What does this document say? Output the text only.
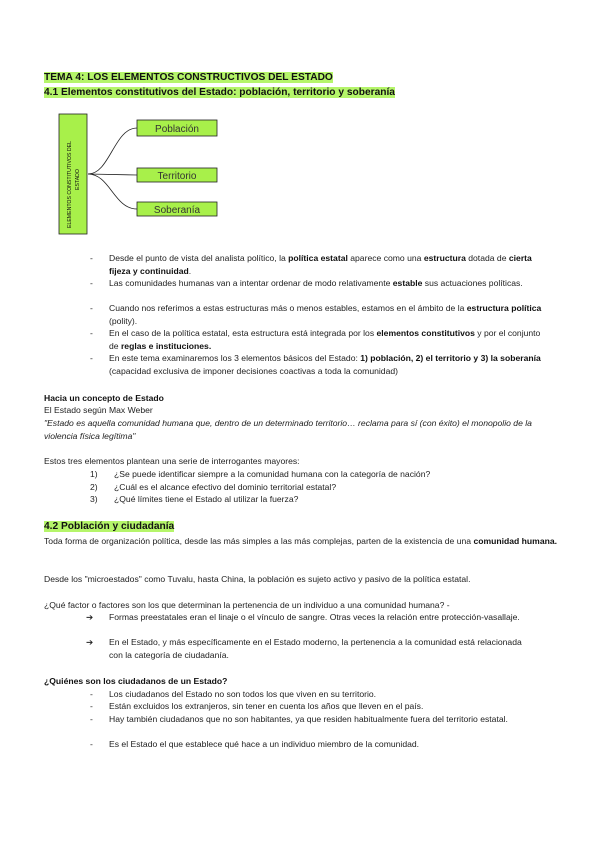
TEMA 4: LOS ELEMENTOS CONSTRUCTIVOS DEL ESTADO
4.1 Elementos constitutivos del Estado: población, territorio y soberanía
ELEMENTOS CONSTITUTIVOS DEL ESTADO
Población
Territorio
Soberanía
- Desde el punto de vista del analista político, la política estatal aparece como una estructura dotada de cierta fijeza y continuidad.
- Las comunidades humanas van a intentar ordenar de modo relativamente estable sus actuaciones políticas.
- Cuando nos referimos a estas estructuras más o menos estables, estamos en el ámbito de la estructura política (polity).
- En el caso de la política estatal, esta estructura está integrada por los elementos constitutivos y por el conjunto de reglas e instituciones.
- En este tema examinaremos los 3 elementos básicos del Estado: 1) población, 2) el territorio y 3) la soberanía (capacidad exclusiva de imponer decisiones coactivas a toda la comunidad)
Hacia un concepto de Estado
El Estado según Max Weber
"Estado es aquella comunidad humana que, dentro de un determinado territorio… reclama para sí (con éxito) el monopolio de la violencia física legítima"
Estos tres elementos plantean una serie de interrogantes mayores:
1) ¿Se puede identificar siempre a la comunidad humana con la categoría de nación?
2) ¿Cuál es el alcance efectivo del dominio territorial estatal?
3) ¿Qué límites tiene el Estado al utilizar la fuerza?
4.2 Población y ciudadanía
Toda forma de organización política, desde las más simples a las más complejas, parten de la existencia de una comunidad humana.
Desde los "microestados" como Tuvalu, hasta China, la población es sujeto activo y pasivo de la política estatal.
¿Qué factor o factores son los que determinan la pertenencia de un individuo a una comunidad humana? -
➔ Formas preestatales eran el linaje o el vínculo de sangre. Otras veces la relación entre protección-vasallaje.
➔ En el Estado, y más específicamente en el Estado moderno, la pertenencia a la comunidad está relacionada con la categoría de ciudadanía.
¿Quiénes son los ciudadanos de un Estado?
- Los ciudadanos del Estado no son todos los que viven en su territorio.
- Están excluidos los extranjeros, sin tener en cuenta los años que lleven en el país.
- Hay también ciudadanos que no son habitantes, ya que residen habitualmente fuera del territorio estatal.
- Es el Estado el que establece qué hace a un individuo miembro de la comunidad.
